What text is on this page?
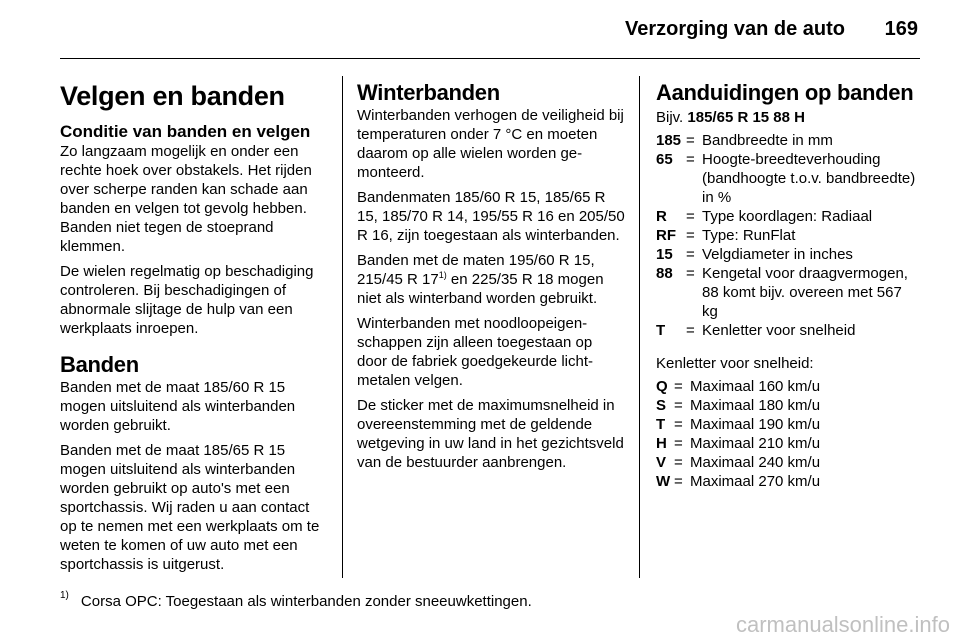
Verzorging van de auto 169
Velgen en banden
Conditie van banden en velgen

Zo langzaam mogelijk en onder een rechte hoek over obstakels. Het rijden over scherpe randen kan schade aan banden en velgen tot gevolg hebben. Banden niet tegen de stoeprand klemmen.

De wielen regelmatig op beschadiging controleren. Bij beschadigingen of abnormale slijtage de hulp van een werkplaats inroepen.

Banden

Banden met de maat 185/60 R 15 mogen uitsluitend als winterbanden worden gebruikt.

Banden met de maat 185/65 R 15 mogen uitsluitend als winterbanden worden gebruikt op auto's met een sportchassis. Wij raden u aan contact op te nemen met een werkplaats om te weten te komen of uw auto met een sportchassis is uitgerust.

Winterbanden

Winterbanden verhogen de veiligheid bij temperaturen onder 7 °C en moeten daarom op alle wielen worden gemonteerd.

Bandenmaten 185/60 R 15, 185/65 R 15, 185/70 R 14, 195/55 R 16 en 205/50 R 16, zijn toegestaan als winterbanden.

Banden met de maten 195/60 R 15, 215/45 R 17$^{1)}$ en 225/35 R 18 mogen niet als winterband worden gebruikt.

Winterbanden met noodloopeigenschappen zijn alleen toegestaan op door de fabriek goedgekeurde lichtmetalen velgen.

De sticker met de maximumsnelheid in overeenstemming met de geldende wetgeving in uw land in het gezichtsveld van de bestuurder aanbrengen.

Aanduidingen op banden
Bijv. 185/65 R 15 88 H
185 = Bandbreedte in mm
65 = Hoogte-breedteverhouding (bandhoogte t.o.v. bandbreedte) in %
R	= Type koordlagen: Radiaal
RF = Type: RunFlat
15 = Velgdiameter in inches
88 = Kengetal voor draagvermogen, 88 komt bijv. overeen met 567 kg
T	= Kenletter voor snelheid

Kenletter voor snelheid:

Q = Maximaal 160 km/u
S = Maximaal 180 km/u
T = Maximaal 190 km/u
H = Maximaal 210 km/u
V = Maximaal 240 km/u
W = Maximaal 270 km/u
$^{1)}$ Corsa OPC: Toegestaan als winterbanden zonder sneeuwkettingen.
carmanualsonline.info
